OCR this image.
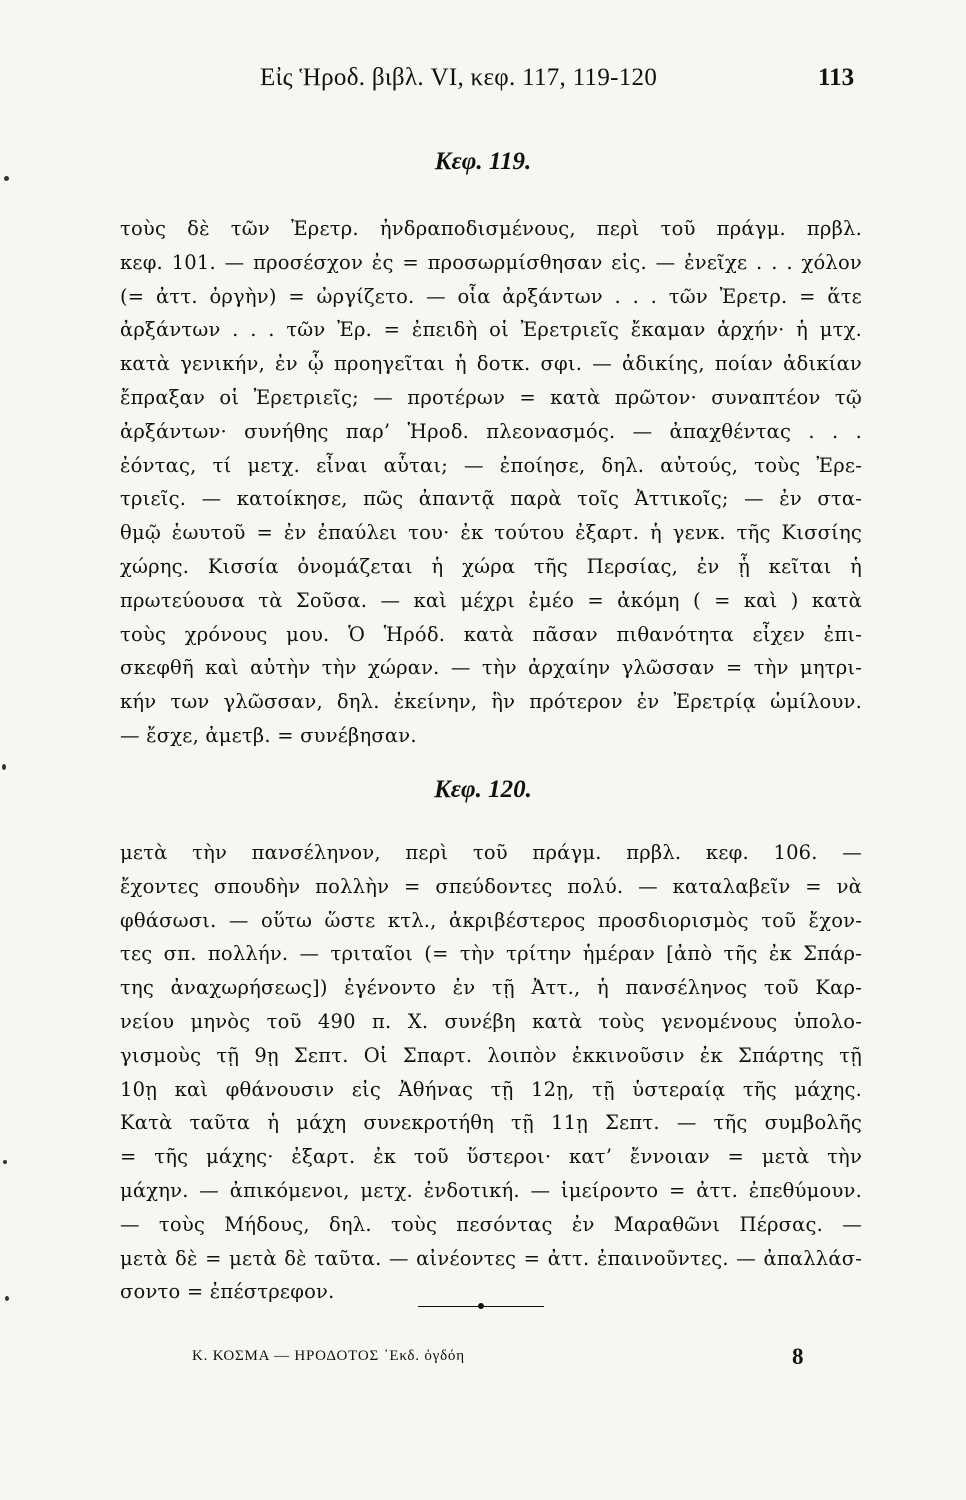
Εἰς Ἡροδ. βιβλ. VI, κεφ. 117, 119-120	113
Κεφ. 119.
τοὺς δὲ τῶν Ἐρετρ. ἠνδραποδισμένους, περὶ τοῦ πράγμ. πρβλ.
κεφ. 101. — προσέσχον ἐς = προσωρμίσθησαν εἰς. — ἐνεῖχε . . . χόλον
(= ἀττ. ὀργὴν) = ὠργίζετο. — οἷα ἀρξάντων . . . τῶν Ἐρετρ. = ἅτε
ἀρξάντων . . . τῶν Ἐρ. = ἐπειδὴ οἱ Ἐρετριεῖς ἔκαμαν ἀρχήν· ἡ μτχ.
κατὰ γενικήν, ἐν ᾧ προηγεῖται ἡ δοτκ. σφι. — ἀδικίης, ποίαν ἀδικίαν
ἔπραξαν οἱ Ἐρετριεῖς; — προτέρων = κατὰ πρῶτον· συναπτέον τῷ
ἀρξάντων· συνήθης παρ’ Ἡροδ. πλεονασμός. — ἀπαχθέντας . . .
ἐόντας, τί μετχ. εἶναι αὗται; — ἐποίησε, δηλ. αὐτούς, τοὺς Ἐρε-
τριεῖς. — κατοίκησε, πῶς ἀπαντᾷ παρὰ τοῖς Ἀττικοῖς; — ἐν στα-
θμῷ ἑωυτοῦ = ἐν ἐπαύλει του· ἐκ τούτου ἐξαρτ. ἡ γενκ. τῆς Κισσίης
χώρης. Κισσία ὀνομάζεται ἡ χώρα τῆς Περσίας, ἐν ᾗ κεῖται ἡ
πρωτεύουσα τὰ Σοῦσα. — καὶ μέχρι ἐμέο = ἀκόμη ( = καὶ ) κατὰ
τοὺς χρόνους μου. Ὁ Ἡρόδ. κατὰ πᾶσαν πιθανότητα εἶχεν ἐπι-
σκεφθῆ καὶ αὐτὴν τὴν χώραν. — τὴν ἀρχαίην γλῶσσαν = τὴν μητρι-
κήν των γλῶσσαν, δηλ. ἐκείνην, ἣν πρότερον ἐν Ἐρετρίᾳ ὡμίλουν.
— ἔσχε, ἀμετβ. = συνέβησαν.
Κεφ. 120.
μετὰ τὴν πανσέληνον, περὶ τοῦ πράγμ. πρβλ. κεφ. 106. —
ἔχοντες σπουδὴν πολλὴν = σπεύδοντες πολύ. — καταλαβεῖν = νὰ
φθάσωσι. — οὕτω ὥστε κτλ., ἀκριβέστερος προσδιορισμὸς τοῦ ἔχον-
τες σπ. πολλήν. — τριταῖοι (= τὴν τρίτην ἡμέραν [ἀπὸ τῆς ἐκ Σπάρ-
της ἀναχωρήσεως]) ἐγένοντο ἐν τῇ Ἀττ., ἡ πανσέληνος τοῦ Καρ-
νείου μηνὸς τοῦ 490 π. Χ. συνέβη κατὰ τοὺς γενομένους ὑπολο-
γισμοὺς τῇ 9ῃ Σεπτ. Οἱ Σπαρτ. λοιπὸν ἐκκινοῦσιν ἐκ Σπάρτης τῇ
10ῃ καὶ φθάνουσιν εἰς Ἀθήνας τῇ 12ῃ, τῇ ὑστεραίᾳ τῆς μάχης.
Κατὰ ταῦτα ἡ μάχη συνεκροτήθη τῇ 11ῃ Σεπτ. — τῆς συμβολῆς
= τῆς μάχης· ἐξαρτ. ἐκ τοῦ ὕστεροι· κατ’ ἔννοιαν = μετὰ τὴν
μάχην. — ἀπικόμενοι, μετχ. ἐνδοτική. — ἱμείροντο = ἀττ. ἐπεθύμουν.
— τοὺς Μήδους, δηλ. τοὺς πεσόντας ἐν Μαραθῶνι Πέρσας. —
μετὰ δὲ = μετὰ δὲ ταῦτα. — αἰνέοντες = ἀττ. ἐπαινοῦντες. — ἀπαλλάσ-
σοντο = ἐπέστρεφον.
Κ. ΚΟΣΜΑ — ΗΡΟΔΟΤΟΣ ᾿Εκδ. ὀγδόη	8
